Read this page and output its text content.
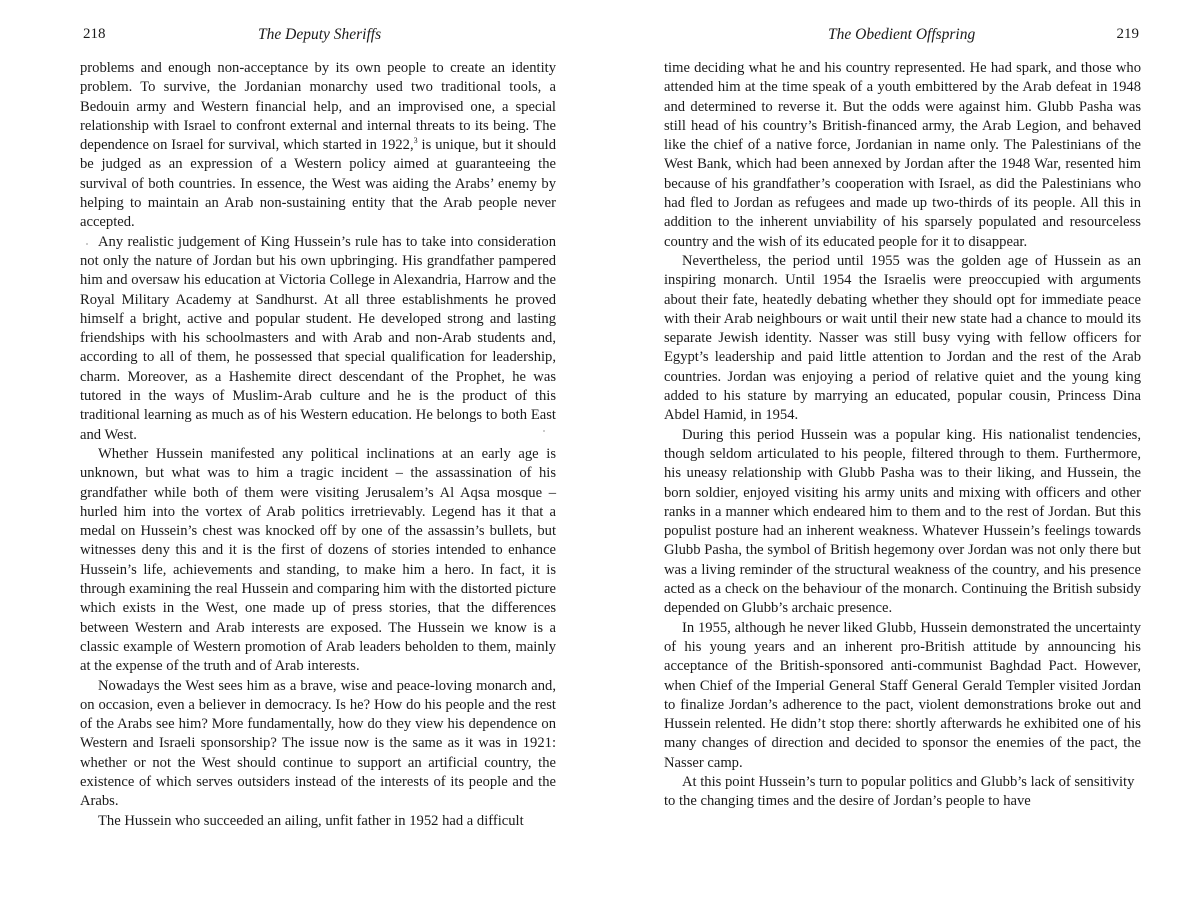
218	The Deputy Sheriffs

problems and enough non-acceptance by its own people to create an identity problem. To survive, the Jordanian monarchy used two traditional tools, a Bedouin army and Western financial help, and an improvised one, a special relationship with Israel to confront external and internal threats to its being. The dependence on Israel for survival, which started in 1922,$^3$ is unique, but it should be judged as an expression of a Western policy aimed at guaranteeing the survival of both countries. In essence, the West was aiding the Arabs’ enemy by helping to maintain an Arab non-sustaining entity that the Arab people never accepted.

Any realistic judgement of King Hussein’s rule has to take into consideration not only the nature of Jordan but his own upbringing. His grandfather pampered him and oversaw his education at Victoria College in Alexandria, Harrow and the Royal Military Academy at Sandhurst. At all three establishments he proved himself a bright, active and popular student. He developed strong and lasting friendships with his schoolmasters and with Arab and non-Arab students and, according to all of them, he possessed that special qualification for leadership, charm. Moreover, as a Hashemite direct descendant of the Prophet, he was tutored in the ways of Muslim-Arab culture and he is the product of this traditional learning as much as of his Western education. He belongs to both East and West.

Whether Hussein manifested any political inclinations at an early age is unknown, but what was to him a tragic incident – the assassination of his grandfather while both of them were visiting Jerusalem’s Al Aqsa mosque – hurled him into the vortex of Arab politics irretrievably. Legend has it that a medal on Hussein’s chest was knocked off by one of the assassin’s bullets, but witnesses deny this and it is the first of dozens of stories intended to enhance Hussein’s life, achievements and standing, to make him a hero. In fact, it is through examining the real Hussein and comparing him with the distorted picture which exists in the West, one made up of press stories, that the differences between Western and Arab interests are exposed. The Hussein we know is a classic example of Western promotion of Arab leaders beholden to them, mainly at the expense of the truth and of Arab interests.

Nowadays the West sees him as a brave, wise and peace-loving monarch and, on occasion, even a believer in democracy. Is he? How do his people and the rest of the Arabs see him? More fundamentally, how do they view his dependence on Western and Israeli sponsorship? The issue now is the same as it was in 1921: whether or not the West should continue to support an artificial country, the existence of which serves outsiders instead of the interests of its people and the Arabs.

The Hussein who succeeded an ailing, unfit father in 1952 had a difficult

The Obedient Offspring	219

time deciding what he and his country represented. He had spark, and those who attended him at the time speak of a youth embittered by the Arab defeat in 1948 and determined to reverse it. But the odds were against him. Glubb Pasha was still head of his country’s British-financed army, the Arab Legion, and behaved like the chief of a native force, Jordanian in name only. The Palestinians of the West Bank, which had been annexed by Jordan after the 1948 War, resented him because of his grandfather’s cooperation with Israel, as did the Palestinians who had fled to Jordan as refugees and made up two-thirds of its people. All this in addition to the inherent unviability of his sparsely populated and resourceless country and the wish of its educated people for it to disappear.

Nevertheless, the period until 1955 was the golden age of Hussein as an inspiring monarch. Until 1954 the Israelis were preoccupied with arguments about their fate, heatedly debating whether they should opt for immediate peace with their Arab neighbours or wait until their new state had a chance to mould its separate Jewish identity. Nasser was still busy vying with fellow officers for Egypt’s leadership and paid little attention to Jordan and the rest of the Arab countries. Jordan was enjoying a period of relative quiet and the young king added to his stature by marrying an educated, popular cousin, Princess Dina Abdel Hamid, in 1954.

During this period Hussein was a popular king. His nationalist tendencies, though seldom articulated to his people, filtered through to them. Furthermore, his uneasy relationship with Glubb Pasha was to their liking, and Hussein, the born soldier, enjoyed visiting his army units and mixing with officers and other ranks in a manner which endeared him to them and to the rest of Jordan. But this populist posture had an inherent weakness. Whatever Hussein’s feelings towards Glubb Pasha, the symbol of British hegemony over Jordan was not only there but was a living reminder of the structural weakness of the country, and his presence acted as a check on the behaviour of the monarch. Continuing the British subsidy depended on Glubb’s archaic presence.

In 1955, although he never liked Glubb, Hussein demonstrated the uncertainty of his young years and an inherent pro-British attitude by announcing his acceptance of the British-sponsored anti-communist Baghdad Pact. However, when Chief of the Imperial General Staff General Gerald Templer visited Jordan to finalize Jordan’s adherence to the pact, violent demonstrations broke out and Hussein relented. He didn’t stop there: shortly afterwards he exhibited one of his many changes of direction and decided to sponsor the enemies of the pact, the Nasser camp.

At this point Hussein’s turn to popular politics and Glubb’s lack of sensitivity to the changing times and the desire of Jordan’s people to have
